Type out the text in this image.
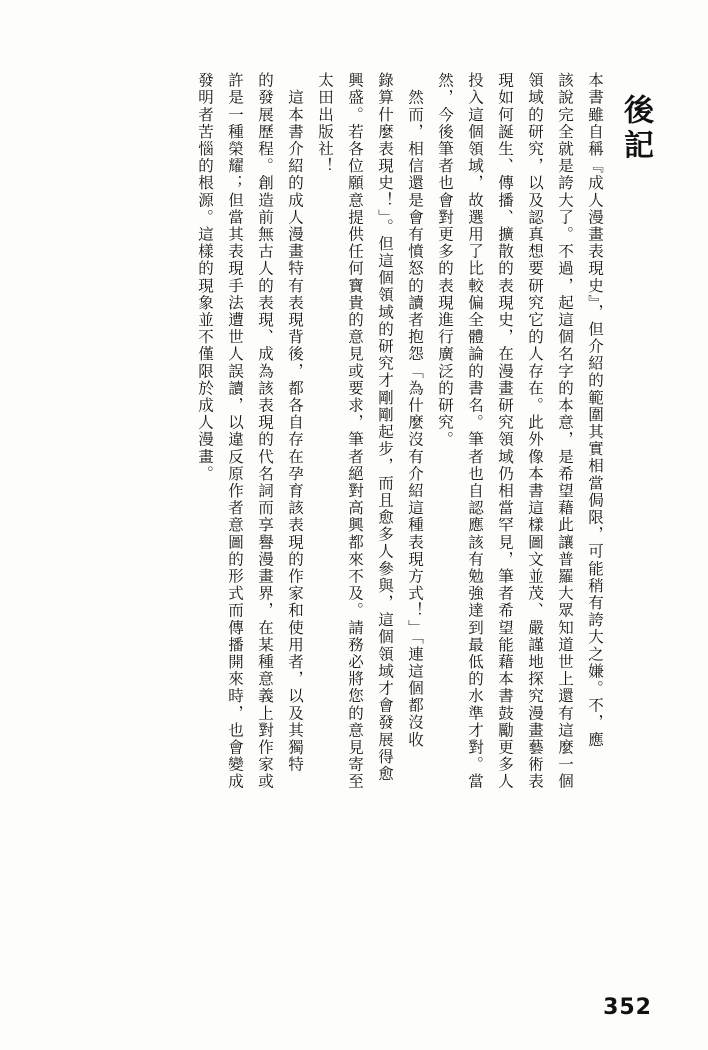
後記
本書雖自稱『成人漫畫表現史』，但介紹的範圍其實相當侷限，可能稍有誇大之嫌。不，應
該說完全就是誇大了。不過，起這個名字的本意，是希望藉此讓普羅大眾知道世上還有這麼一個
領域的研究，以及認真想要研究它的人存在。此外像本書這樣圖文並茂、嚴謹地探究漫畫藝術表
現如何誕生、傳播、擴散的表現史，在漫畫研究領域仍相當罕見，筆者希望能藉本書鼓勵更多人
投入這個領域，故選用了比較偏全體論的書名。筆者也自認應該有勉強達到最低的水準才對。當
然，今後筆者也會對更多的表現進行廣泛的研究。
　然而，相信還是會有憤怒的讀者抱怨「為什麼沒有介紹這種表現方式！」「連這個都沒收
錄算什麼表現史！」。但這個領域的研究才剛剛起步，而且愈多人參與，這個領域才會發展得愈
興盛。若各位願意提供任何寶貴的意見或要求，筆者絕對高興都來不及。請務必將您的意見寄至
太田出版社！
　這本書介紹的成人漫畫特有表現背後，都各自存在孕育該表現的作家和使用者，以及其獨特
的發展歷程。創造前無古人的表現、成為該表現的代名詞而享譽漫畫界，在某種意義上對作家或
許是一種榮耀；但當其表現手法遭世人誤讀，以違反原作者意圖的形式而傳播開來時，也會變成
發明者苦惱的根源。這樣的現象並不僅限於成人漫畫。
352
